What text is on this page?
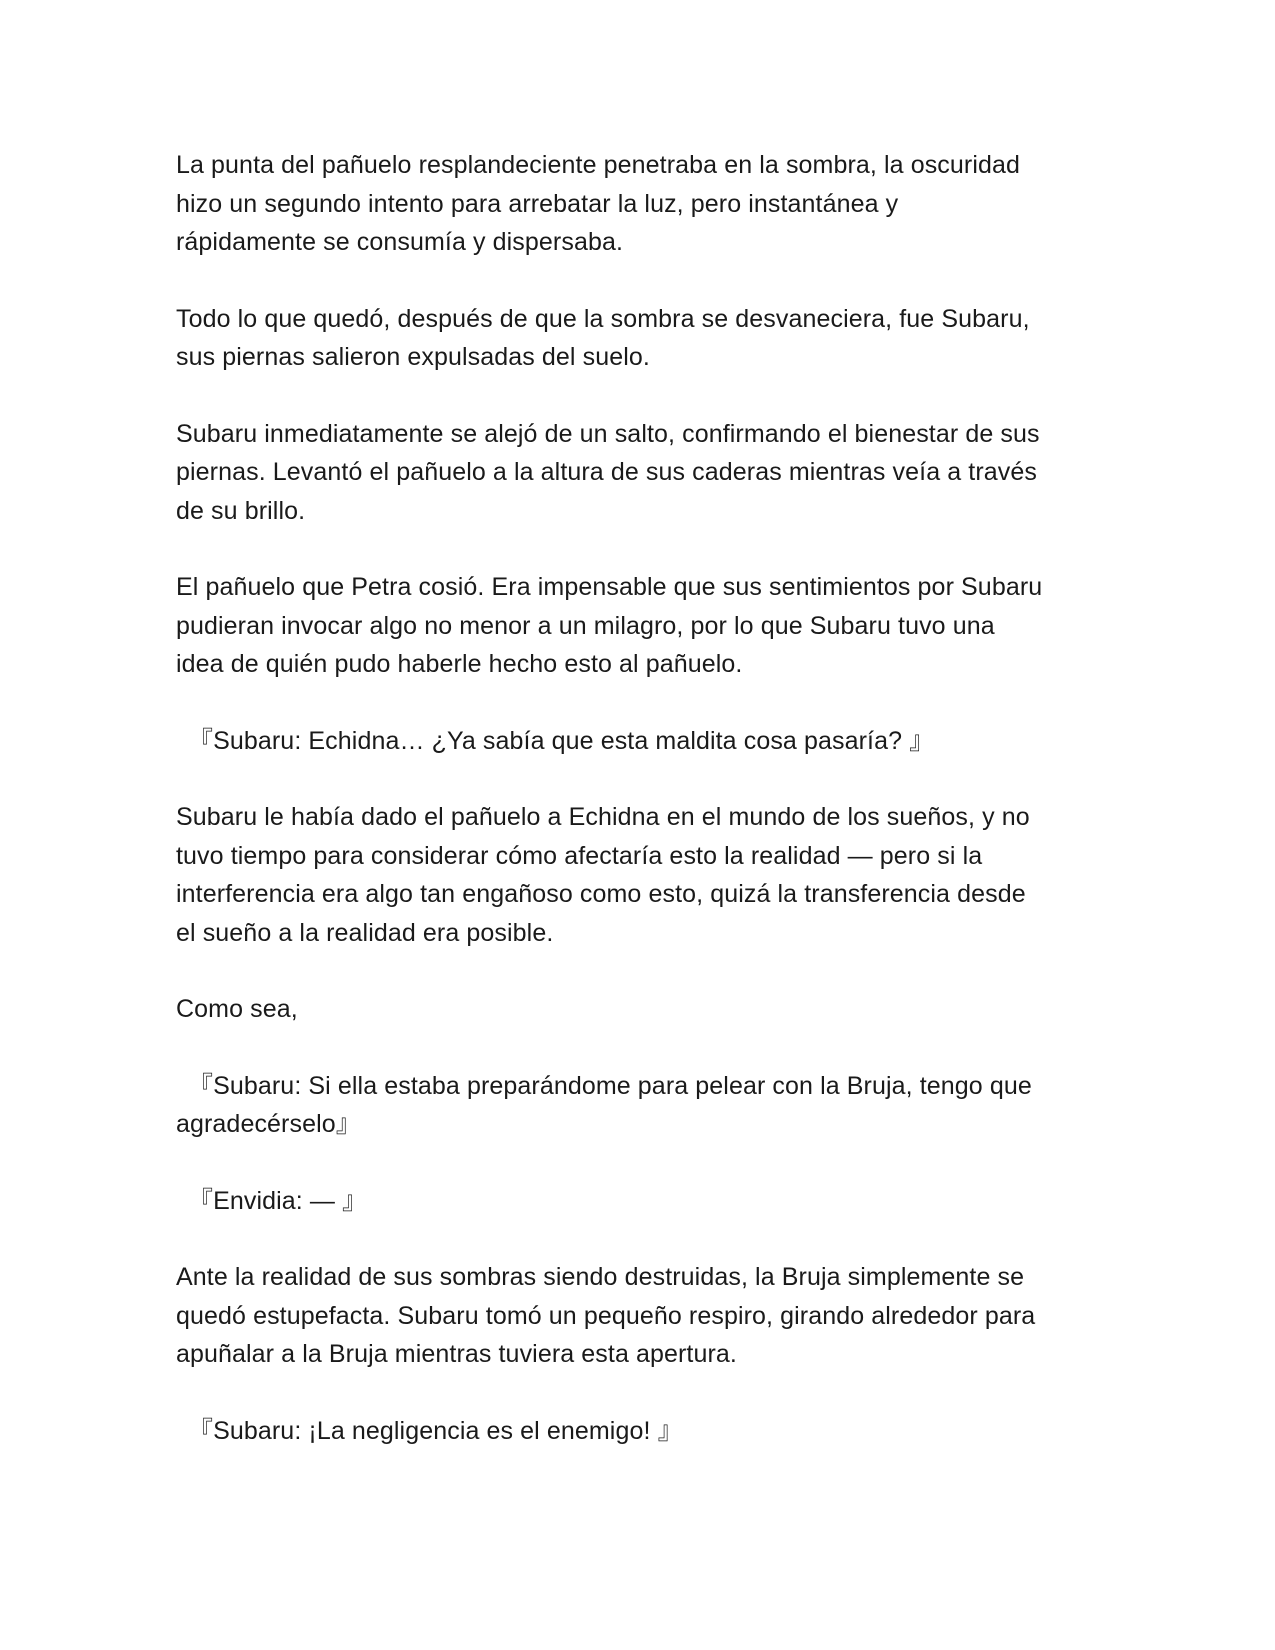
La punta del pañuelo resplandeciente penetraba en la sombra, la oscuridad
hizo un segundo intento para arrebatar la luz, pero instantánea y
rápidamente se consumía y dispersaba.

Todo lo que quedó, después de que la sombra se desvaneciera, fue Subaru,
sus piernas salieron expulsadas del suelo.

Subaru inmediatamente se alejó de un salto, confirmando el bienestar de sus
piernas. Levantó el pañuelo a la altura de sus caderas mientras veía a través
de su brillo.

El pañuelo que Petra cosió. Era impensable que sus sentimientos por Subaru
pudieran invocar algo no menor a un milagro, por lo que Subaru tuvo una
idea de quién pudo haberle hecho esto al pañuelo.

『Subaru: Echidna… ¿Ya sabía que esta maldita cosa pasaría? 』

Subaru le había dado el pañuelo a Echidna en el mundo de los sueños, y no
tuvo tiempo para considerar cómo afectaría esto la realidad — pero si la
interferencia era algo tan engañoso como esto, quizá la transferencia desde
el sueño a la realidad era posible.

Como sea,

『Subaru: Si ella estaba preparándome para pelear con la Bruja, tengo que
agradecérselo』

『Envidia: — 』

Ante la realidad de sus sombras siendo destruidas, la Bruja simplemente se
quedó estupefacta. Subaru tomó un pequeño respiro, girando alrededor para
apuñalar a la Bruja mientras tuviera esta apertura.

『Subaru: ¡La negligencia es el enemigo! 』
